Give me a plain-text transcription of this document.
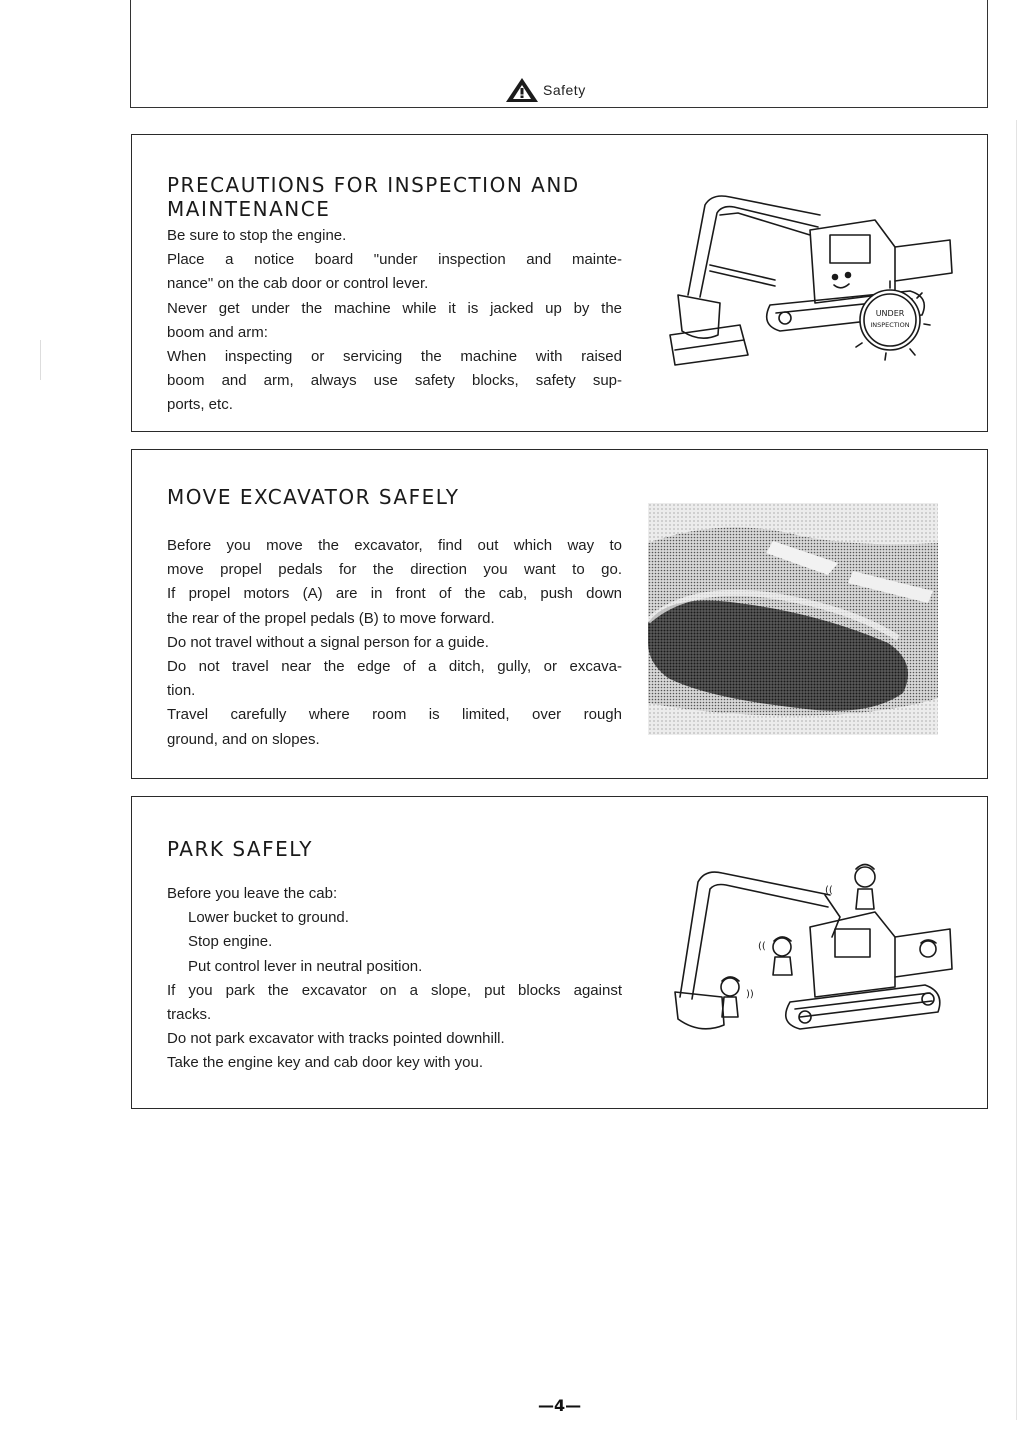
Safety
PRECAUTIONS FOR INSPECTION AND
MAINTENANCE

Be sure to stop the engine.
Place a notice board "under inspection and mainte-
nance" on the cab door or control lever.
Never get under the machine while it is jacked up by the
boom and arm:
When inspecting or servicing the machine with raised
boom and arm, always use safety blocks, safety sup-
ports, etc.

UNDER
INSPECTION
MOVE EXCAVATOR SAFELY

Before you move the excavator, find out which way to
move propel pedals for the direction you want to go.
If propel motors (A) are in front of the cab, push down
the rear of the propel pedals (B) to move forward.
Do not travel without a signal person for a guide.
Do not travel near the edge of a ditch, gully, or excava-
tion.
Travel carefully where room is limited, over rough
ground, and on slopes.

PARK SAFELY

Before you leave the cab:
Lower bucket to ground.
Stop engine.
Put control lever in neutral position.
If you park the excavator on a slope, put blocks against
tracks.
Do not park excavator with tracks pointed downhill.
Take the engine key and cab door key with you.

((
((
))
—4—
